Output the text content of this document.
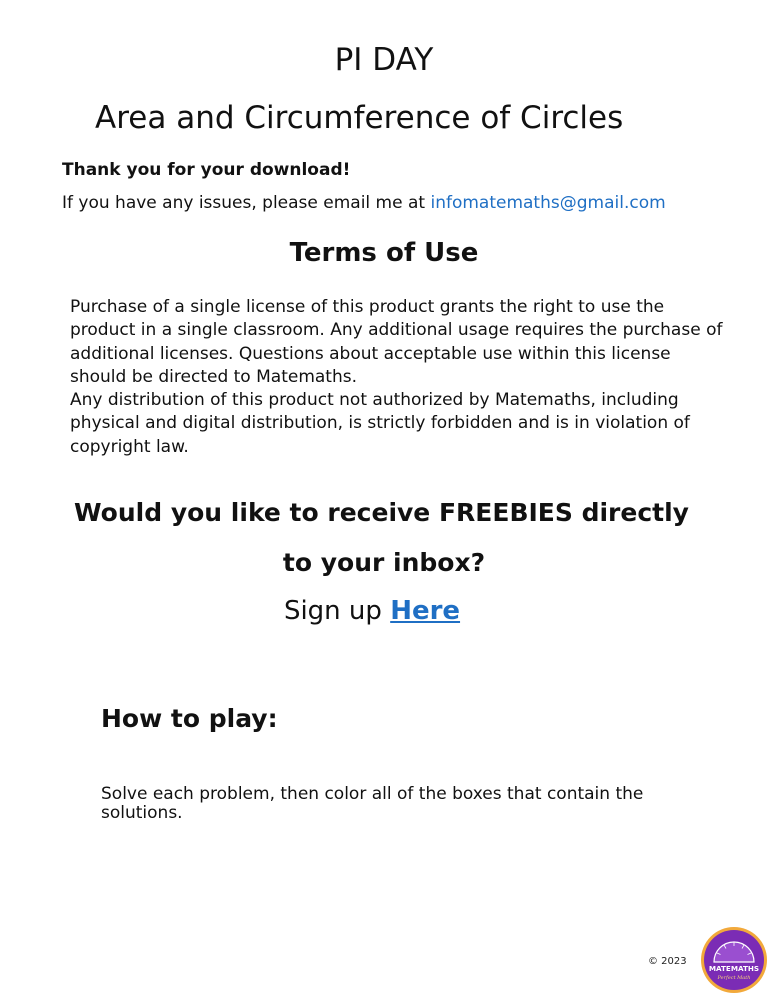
PI DAY
Area and Circumference of Circles
Thank you for your download!
If you have any issues, please email me at infomatemaths@gmail.com
Terms of Use

Purchase of a single license of this product grants the right to use the product in a single classroom. Any additional usage requires the purchase of additional licenses. Questions about acceptable use within this license should be directed to Matemaths.

Any distribution of this product not authorized by Matemaths, including physical and digital distribution, is strictly forbidden and is in violation of copyright law.

Would you like to receive FREEBIES directly
to your inbox?
Sign up Here
How to play:
Solve each problem, then color all of the boxes that contain the solutions.
© 2023
MATEMATHS
Perfect Math
